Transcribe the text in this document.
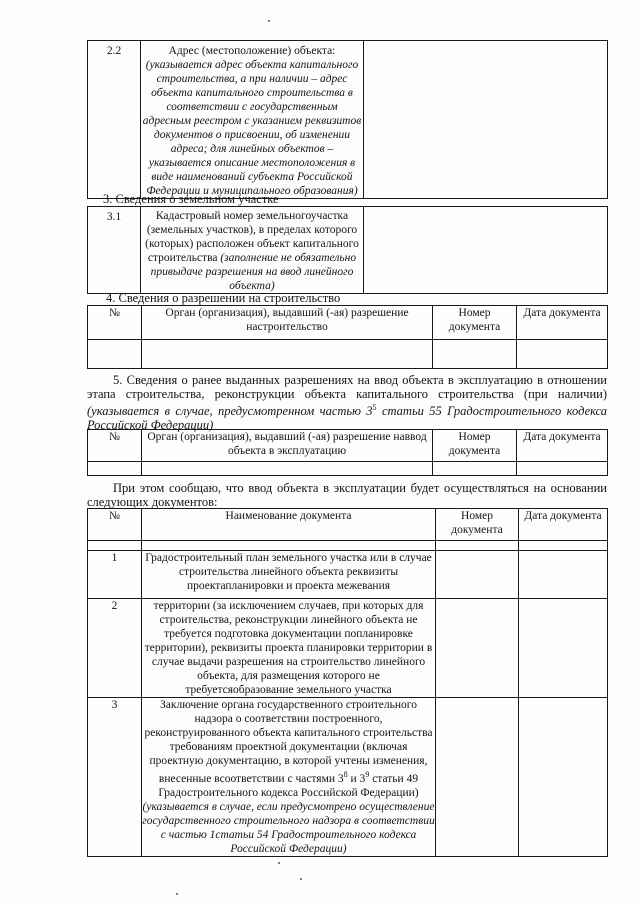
2.2	Адрес (местоположение) объекта: (указывается адрес объекта капитального строительства, а при наличии – адрес объекта капитального строительства в соответствии с государственным адресным реестром с указанием реквизитов документов о присвоении, об изменении адреса; для линейных объектов – указывается описание местоположения в виде наименований субъекта Российской Федерации и муниципального образования)

3. Сведения о земельном участке
3.1	Кадастровый номер земельногоучастка (земельных участков), в пределах которого (которых) расположен объект капитального строительства (заполнение не обязательно привыдаче разрешения на ввод линейного объекта)

4. Сведения о разрешении на строительство
№	Орган (организация), выдавший (-ая) разрешение настроительство	Номер документа	Дата документа

5. Сведения о ранее выданных разрешениях на ввод объекта в эксплуатацию в отношении этапа строительства, реконструкции объекта капитального строительства (при наличии) (указывается в случае, предусмотренном частью $3^5$ статьи 55 Градостроительного кодекса Российской Федерации)
№	Орган (организация), выдавший (-ая) разрешение наввод объекта в эксплуатацию	Номер документа	Дата документа

При этом сообщаю, что ввод объекта в эксплуатации будет осуществляться на основании следующих документов:
№	Наименование документа	Номер документа	Дата документа

1	Градостроительный план земельного участка или в случае строительства линейного объекта реквизиты проектапланировки и проекта межевания		
2	территории (за исключением случаев, при которых для строительства, реконструкции линейного объекта не требуется подготовка документации попланировке территории), реквизиты проекта планировки территории в случае выдачи разрешения на строительство линейного объекта, для размещения которого не требуетсяобразование земельного участка		
3	Заключение органа государственного строительного надзора о соответствии построенного, реконструированного объекта капитального строительства требованиям проектной документации (включая проектную документацию, в которой учтены изменения, внесенные всоответствии с частями $3^8$ и $3^9$ статьи 49 Градостроительного кодекса Российской Федерации) (указывается в случае, если предусмотрено осуществление государственного строительного надзора в соответствии с частью 1статьи 54 Градостроительного кодекса Российской Федерации)		
